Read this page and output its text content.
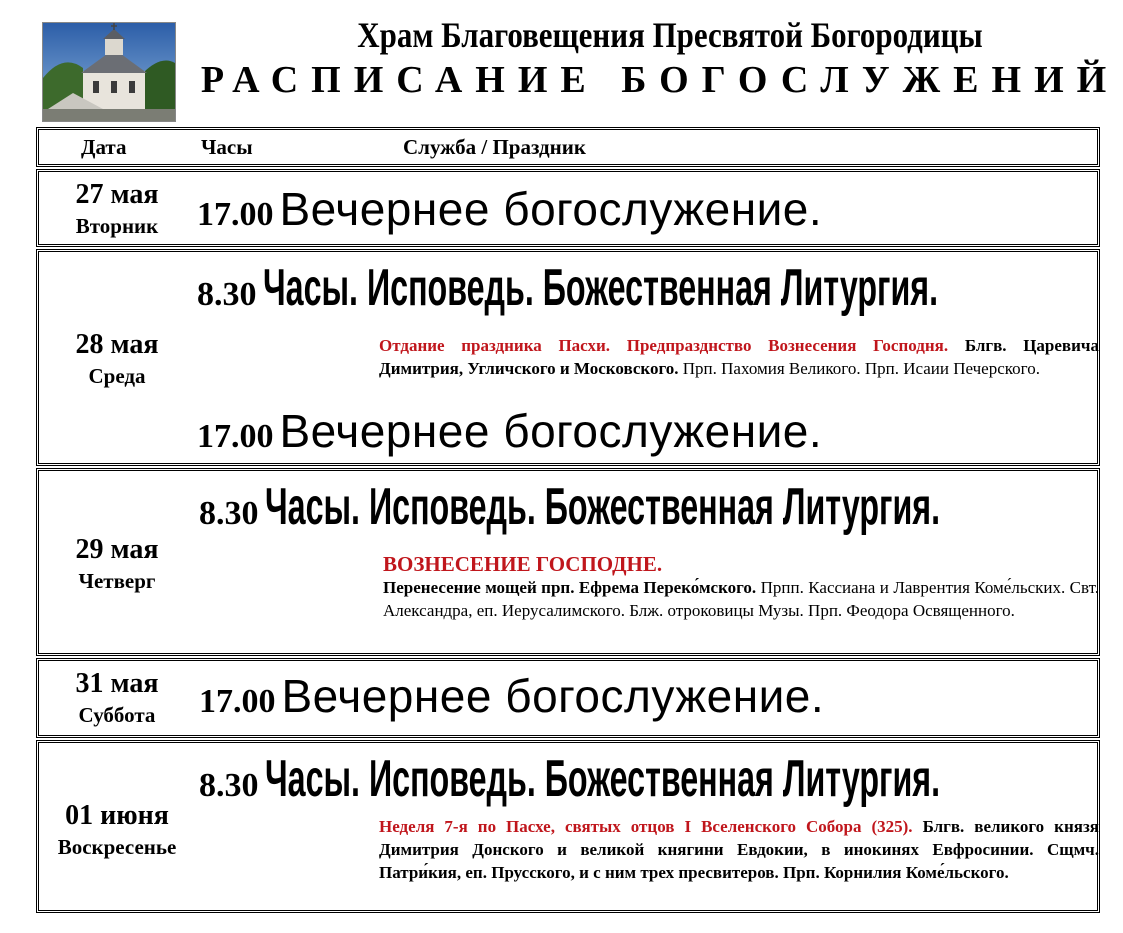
Храм Благовещения Пресвятой Богородицы
РАСПИСАНИЕ БОГОСЛУЖЕНИЙ
Дата	Часы	Служба / Праздник
27 мая
Вторник	17.00 Вечернее богослужение.
28 мая
Среда
8.30 Часы. Исповедь. Божественная Литургия.
Отдание праздника Пасхи. Предпразднство Вознесения Господня. Блгв. Царевича Димитрия, Угличского и Московского. Прп. Пахомия Великого. Прп. Исаии Печерского.
17.00 Вечернее богослужение.
29 мая
Четверг
8.30 Часы. Исповедь. Божественная Литургия.
ВОЗНЕСЕНИЕ ГОСПОДНЕ.
Перенесение мощей прп. Ефрема Переко́мского. Прпп. Кассиана и Лаврентия Коме́льских. Свт. Александра, еп. Иерусалимского. Блж. отроковицы Музы. Прп. Феодора Освященного.
31 мая
Суббота	17.00 Вечернее богослужение.
01 июня
Воскресенье
8.30 Часы. Исповедь. Божественная Литургия.
Неделя 7-я по Пасхе, святых отцов I Вселенского Собора (325). Блгв. великого князя Димитрия Донского и великой княгини Евдокии, в инокинях Евфросинии. Сщмч. Патри́кия, еп. Прусского, и с ним трех пресвитеров. Прп. Корнилия Коме́льского.
